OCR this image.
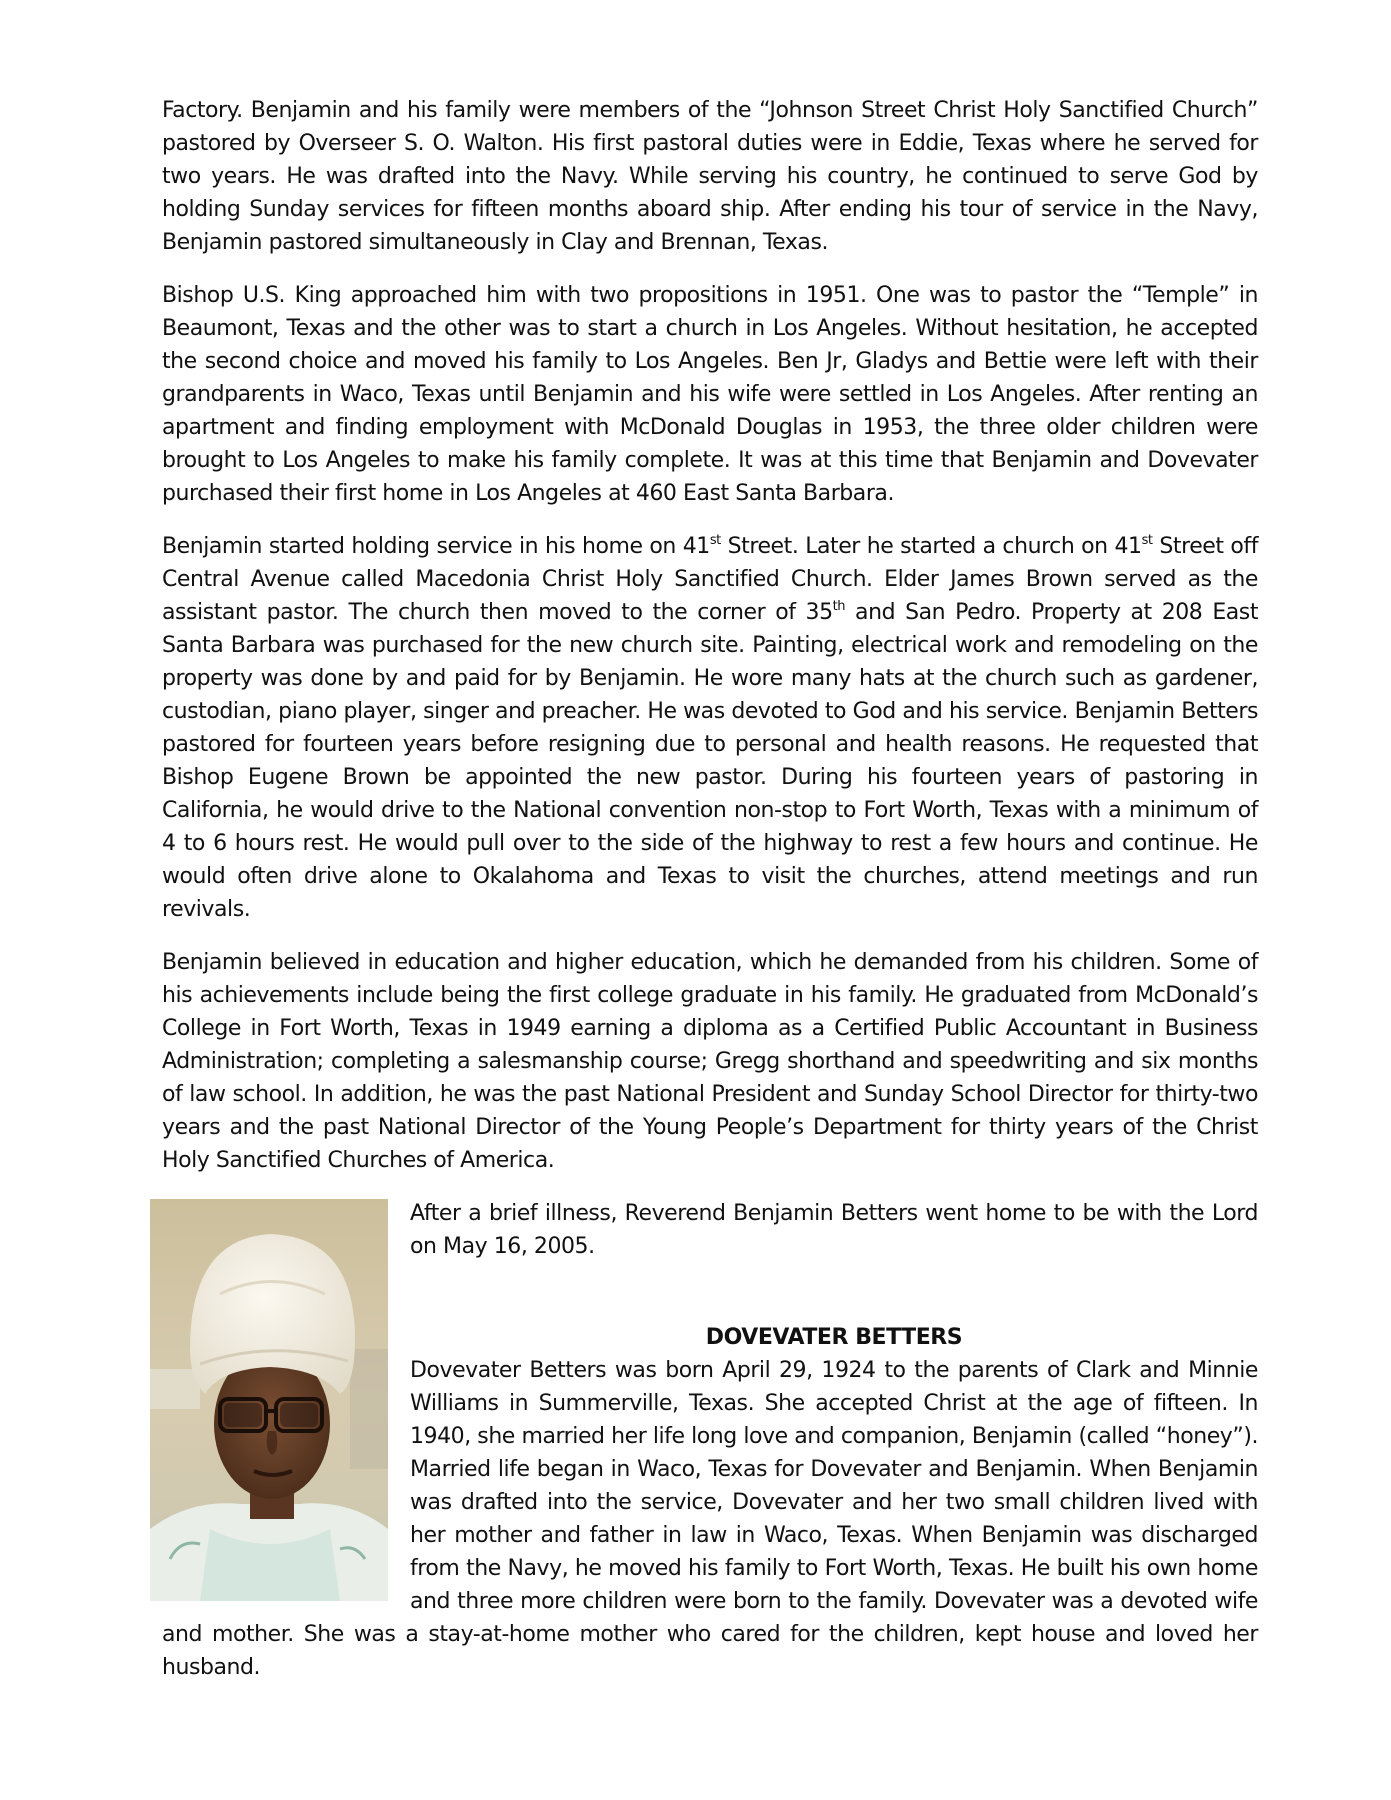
Factory. Benjamin and his family were members of the “Johnson Street Christ Holy Sanctified Church” pastored by Overseer S. O. Walton. His first pastoral duties were in Eddie, Texas where he served for two years. He was drafted into the Navy. While serving his country, he continued to serve God by holding Sunday services for fifteen months aboard ship. After ending his tour of service in the Navy, Benjamin pastored simultaneously in Clay and Brennan, Texas.

Bishop U.S. King approached him with two propositions in 1951. One was to pastor the “Temple” in Beaumont, Texas and the other was to start a church in Los Angeles. Without hesitation, he accepted the second choice and moved his family to Los Angeles. Ben Jr, Gladys and Bettie were left with their grandparents in Waco, Texas until Benjamin and his wife were settled in Los Angeles. After renting an apartment and finding employment with McDonald Douglas in 1953, the three older children were brought to Los Angeles to make his family complete. It was at this time that Benjamin and Dovevater purchased their first home in Los Angeles at 460 East Santa Barbara.

Benjamin started holding service in his home on 41st Street. Later he started a church on 41st Street off Central Avenue called Macedonia Christ Holy Sanctified Church. Elder James Brown served as the assistant pastor. The church then moved to the corner of 35th and San Pedro. Property at 208 East Santa Barbara was purchased for the new church site. Painting, electrical work and remodeling on the property was done by and paid for by Benjamin. He wore many hats at the church such as gardener, custodian, piano player, singer and preacher. He was devoted to God and his service. Benjamin Betters pastored for fourteen years before resigning due to personal and health reasons. He requested that Bishop Eugene Brown be appointed the new pastor. During his fourteen years of pastoring in California, he would drive to the National convention non-stop to Fort Worth, Texas with a minimum of 4 to 6 hours rest. He would pull over to the side of the highway to rest a few hours and continue. He would often drive alone to Okalahoma and Texas to visit the churches, attend meetings and run revivals.

Benjamin believed in education and higher education, which he demanded from his children. Some of his achievements include being the first college graduate in his family. He graduated from McDonald’s College in Fort Worth, Texas in 1949 earning a diploma as a Certified Public Accountant in Business Administration; completing a salesmanship course; Gregg shorthand and speedwriting and six months of law school. In addition, he was the past National President and Sunday School Director for thirty-two years and the past National Director of the Young People’s Department for thirty years of the Christ Holy Sanctified Churches of America.

After a brief illness, Reverend Benjamin Betters went home to be with the Lord on May 16, 2005.

DOVEVATER BETTERS

Dovevater Betters was born April 29, 1924 to the parents of Clark and Minnie Williams in Summerville, Texas. She accepted Christ at the age of fifteen. In 1940, she married her life long love and companion, Benjamin (called “honey”). Married life began in Waco, Texas for Dovevater and Benjamin. When Benjamin was drafted into the service, Dovevater and her two small children lived with her mother and father in law in Waco, Texas. When Benjamin was discharged from the Navy, he moved his family to Fort Worth, Texas. He built his own home and three more children were born to the family. Dovevater was a devoted wife and mother. She was a stay-at-home mother who cared for the children, kept house and loved her husband.
